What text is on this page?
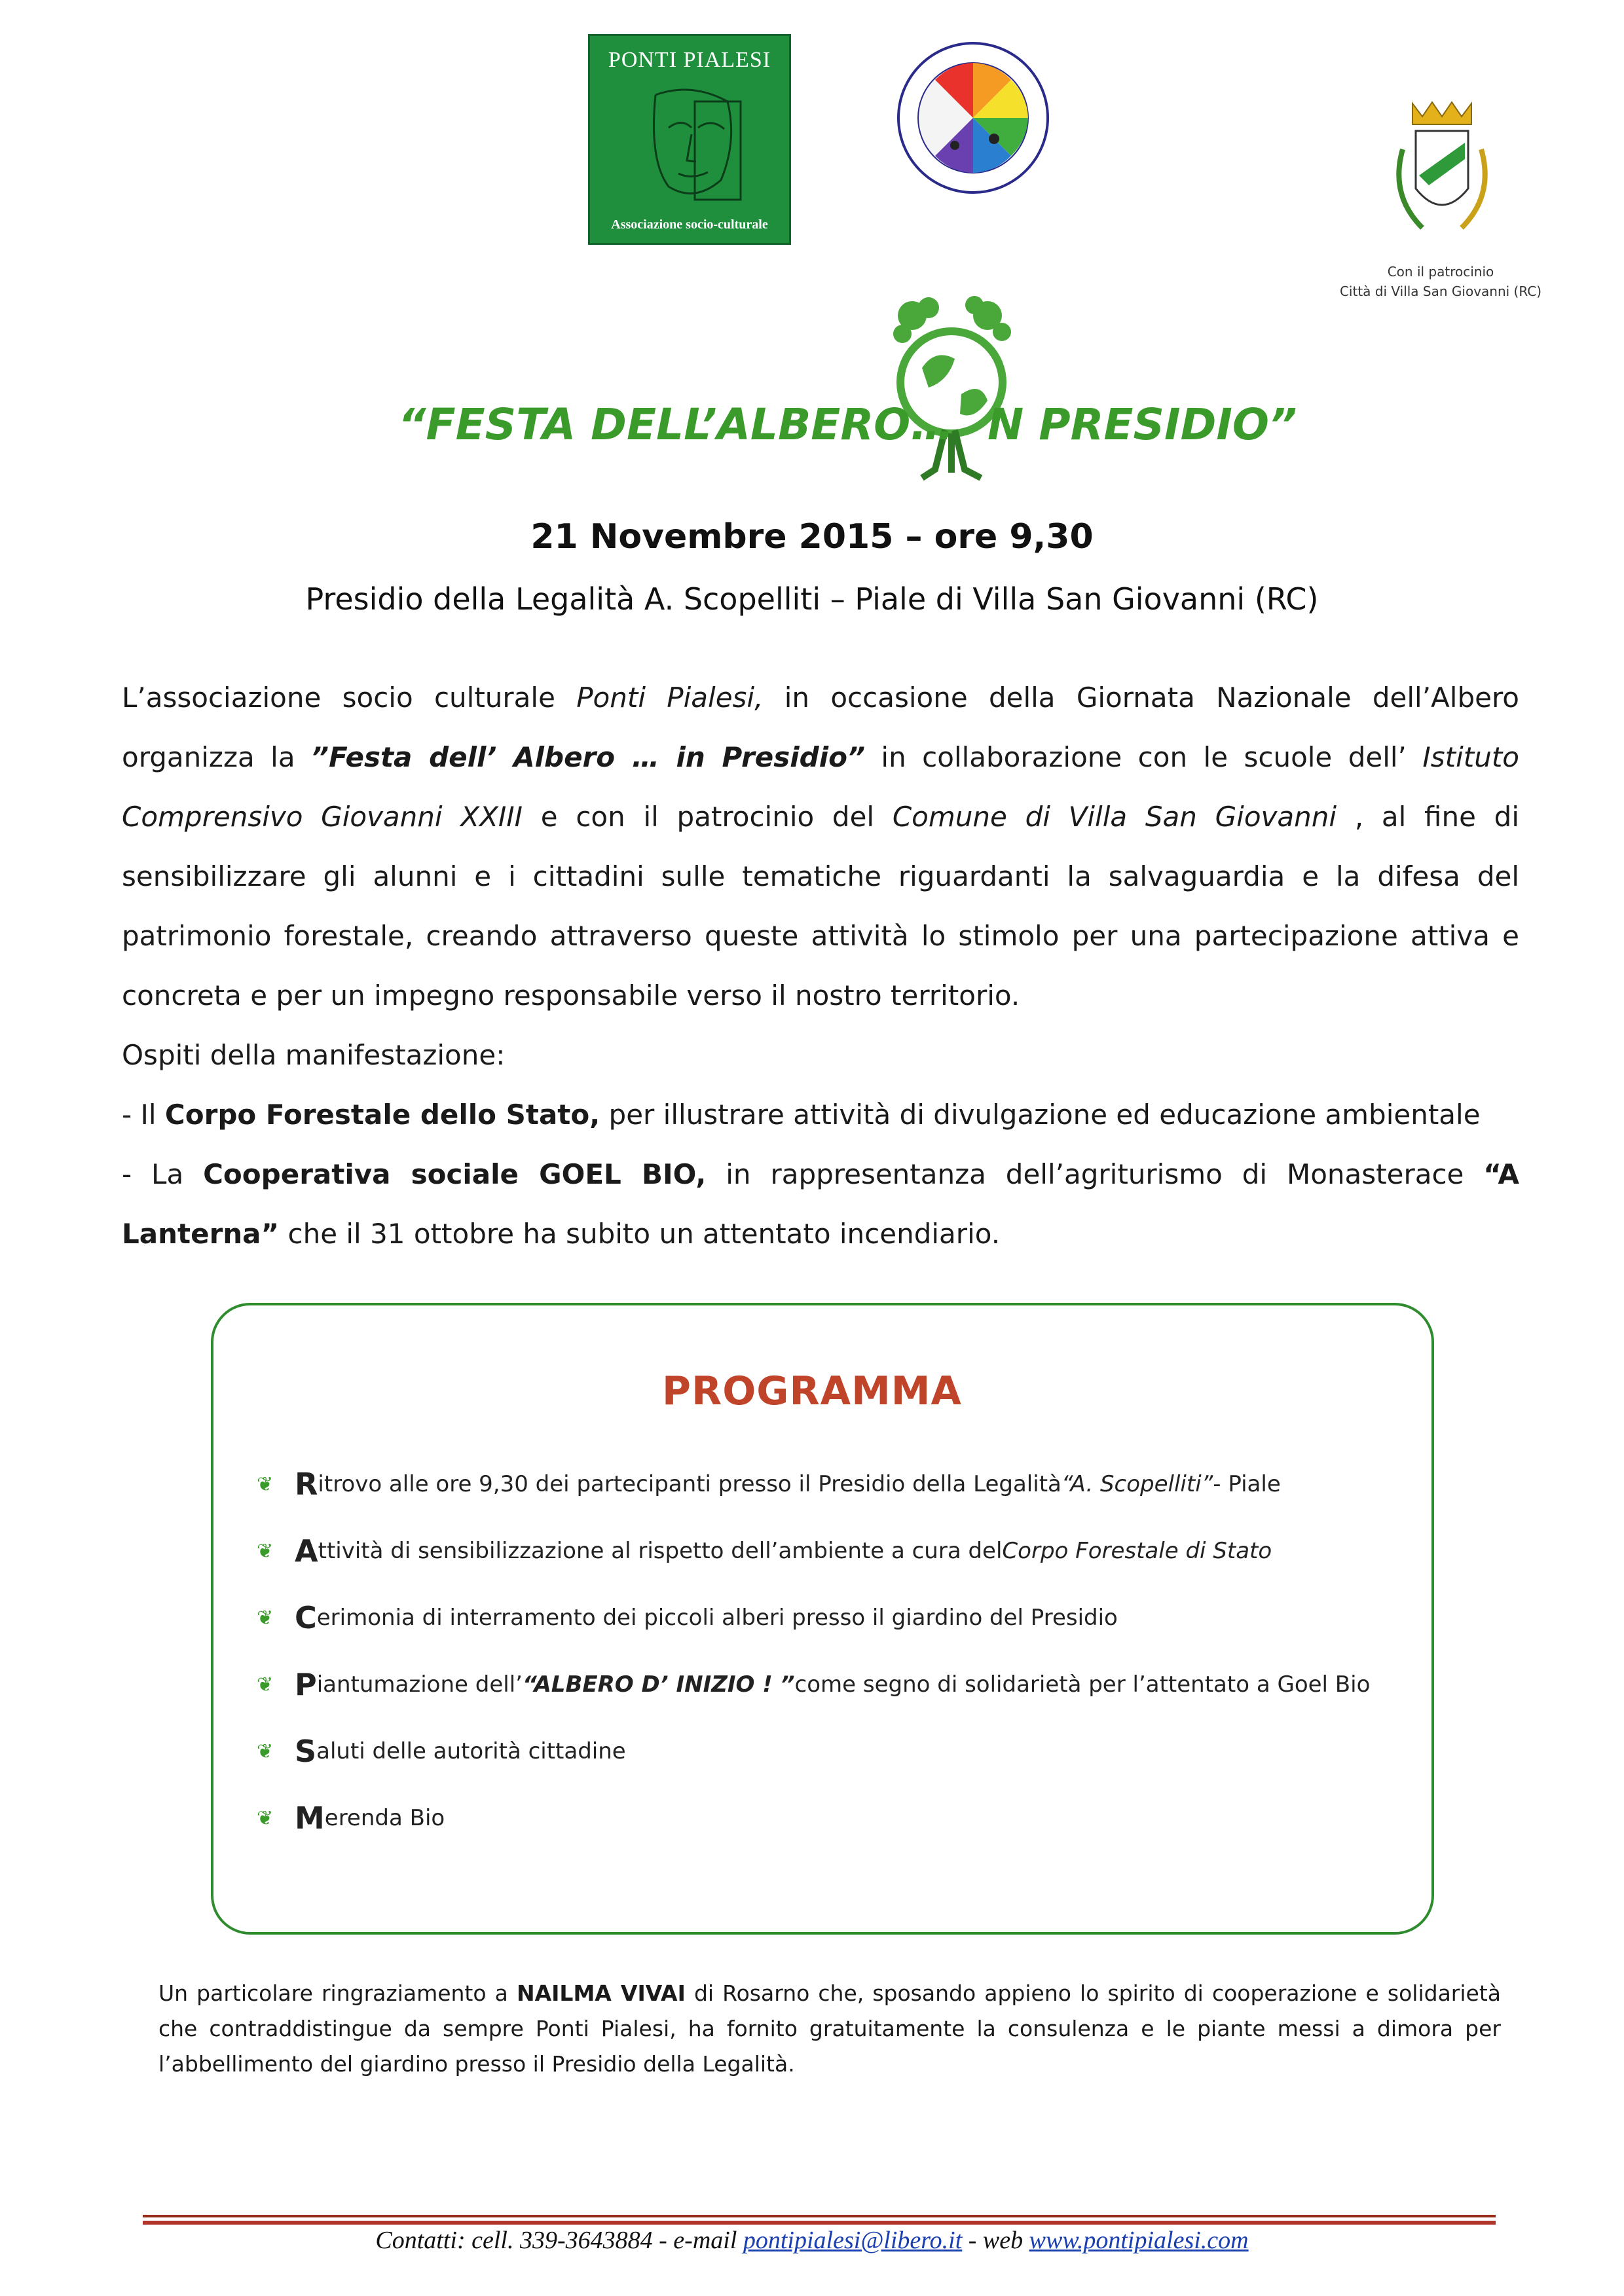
PONTI PIALESI
Associazione socio-culturale
Con il patrocinio
Città di Villa San Giovanni (RC)
“FESTA DELL’ALBERO… N PRESIDIO”
21 Novembre 2015 – ore 9,30
Presidio della Legalità A. Scopelliti – Piale di Villa San Giovanni (RC)

L’associazione socio culturale Ponti Pialesi, in occasione della Giornata Nazionale dell’Albero organizza la ”Festa dell’ Albero … in Presidio” in collaborazione con le scuole dell’ Istituto Comprensivo Giovanni XXIII e con il patrocinio del Comune di Villa San Giovanni , al fine di sensibilizzare gli alunni e i cittadini sulle tematiche riguardanti la salvaguardia e la difesa del patrimonio forestale, creando attraverso queste attività lo stimolo per una partecipazione attiva e concreta e per un impegno responsabile verso il nostro territorio.

Ospiti della manifestazione:

- Il Corpo Forestale dello Stato, per illustrare attività di divulgazione ed educazione ambientale

- La Cooperativa sociale GOEL BIO, in rappresentanza dell’agriturismo di Monasterace “A Lanterna” che il 31 ottobre ha subito un attentato incendiario.

PROGRAMMA
❦ R itrovo alle ore 9,30 dei partecipanti presso il Presidio della Legalità “A. Scopelliti” - Piale
❦ A ttività di sensibilizzazione al rispetto dell’ambiente a cura del Corpo Forestale di Stato
❦ C erimonia di interramento dei piccoli alberi presso il giardino del Presidio
❦ P iantumazione dell’ “ALBERO D’ INIZIO ! ” come segno di solidarietà per l’attentato a Goel Bio
❦ S aluti delle autorità cittadine
❦ M erenda Bio
Un particolare ringraziamento a NAILMA VIVAI di Rosarno che, sposando appieno lo spirito di cooperazione e solidarietà che contraddistingue da sempre Ponti Pialesi, ha fornito gratuitamente la consulenza e le piante messi a dimora per l’abbellimento del giardino presso il Presidio della Legalità.
Contatti: cell. 339-3643884 - e-mail pontipialesi@libero.it - web www.pontipialesi.com
